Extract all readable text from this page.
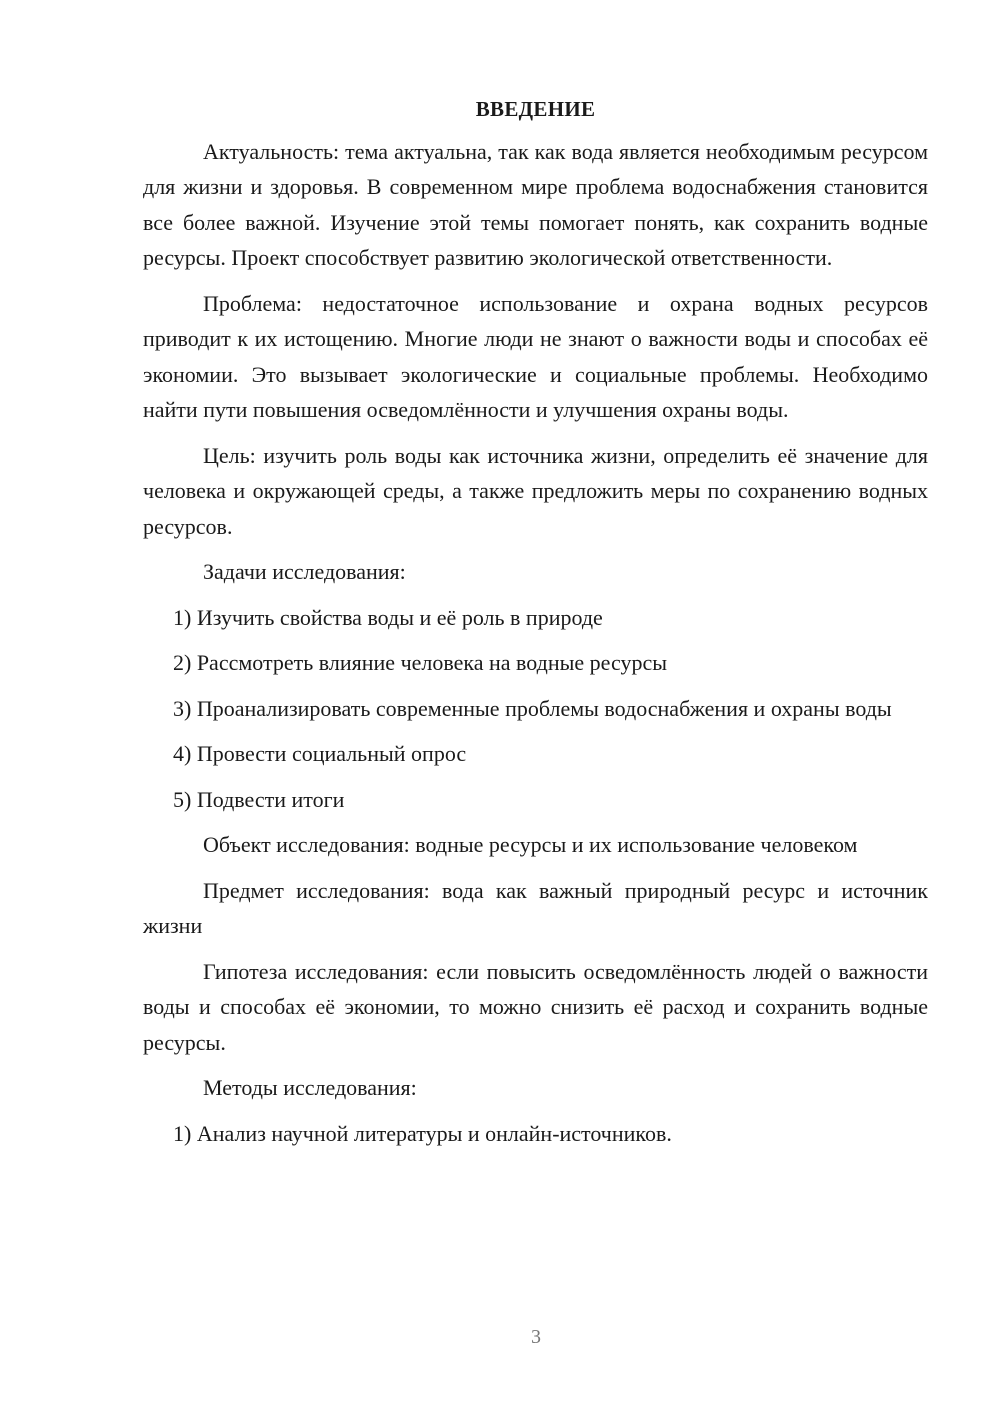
ВВЕДЕНИЕ

Актуальность: тема актуальна, так как вода является необходимым ресурсом для жизни и здоровья. В современном мире проблема водоснабжения становится все более важной. Изучение этой темы помогает понять, как сохранить водные ресурсы. Проект способствует развитию экологической ответственности.

Проблема: недостаточное использование и охрана водных ресурсов приводит к их истощению. Многие люди не знают о важности воды и способах её экономии. Это вызывает экологические и социальные проблемы. Необходимо найти пути повышения осведомлённости и улучшения охраны воды.

Цель: изучить роль воды как источника жизни, определить её значение для человека и окружающей среды, а также предложить меры по сохранению водных ресурсов.

Задачи исследования:

1) Изучить свойства воды и её роль в природе

2) Рассмотреть влияние человека на водные ресурсы

3) Проанализировать современные проблемы водоснабжения и охраны воды

4) Провести социальный опрос

5) Подвести итоги

Объект исследования: водные ресурсы и их использование человеком

Предмет исследования: вода как важный природный ресурс и источник жизни

Гипотеза исследования: если повысить осведомлённость людей о важности воды и способах её экономии, то можно снизить её расход и сохранить водные ресурсы.

Методы исследования:

1) Анализ научной литературы и онлайн-источников.

3
